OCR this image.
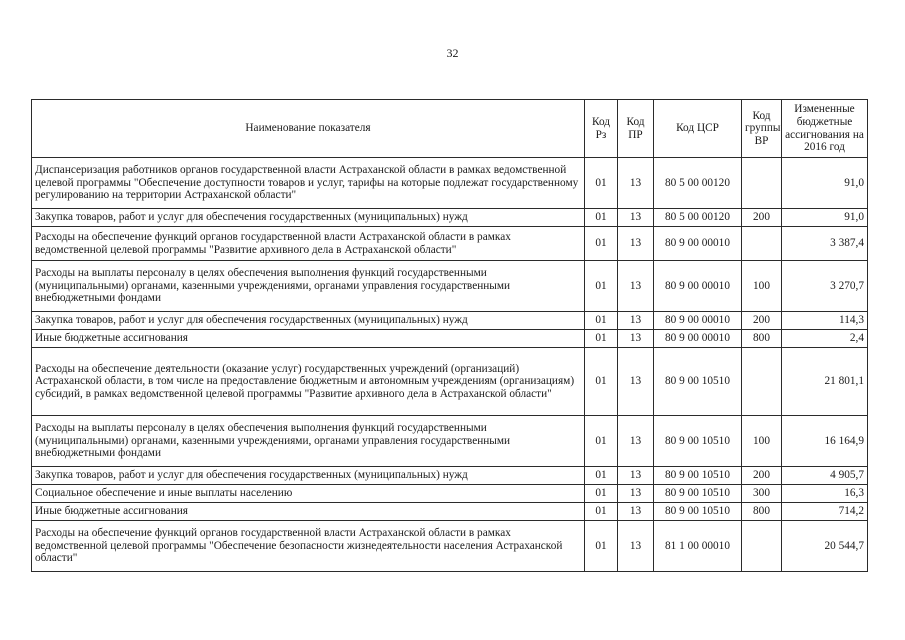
32
Наименование показателя	Код Рз	Код ПР	Код ЦСР	Код группы ВР	Измененные бюджетные ассигнования на 2016 год
Диспансеризация работников органов государственной власти Астраханской области в рамках ведомственной целевой программы "Обеспечение доступности товаров и услуг, тарифы на которые подлежат государственному регулированию на территории Астраханской области"	01	13	80 5 00 00120		91,0
Закупка товаров, работ и услуг для обеспечения государственных (муниципальных) нужд	01	13	80 5 00 00120	200	91,0
Расходы на обеспечение функций органов государственной власти Астраханской области в рамках ведомственной целевой программы "Развитие архивного дела в Астраханской области"	01	13	80 9 00 00010		3 387,4
Расходы на выплаты персоналу в целях обеспечения выполнения функций государственными (муниципальными) органами, казенными учреждениями, органами управления государственными внебюджетными фондами	01	13	80 9 00 00010	100	3 270,7
Закупка товаров, работ и услуг для обеспечения государственных (муниципальных) нужд	01	13	80 9 00 00010	200	114,3
Иные бюджетные ассигнования	01	13	80 9 00 00010	800	2,4
Расходы на обеспечение деятельности (оказание услуг) государственных учреждений (организаций) Астраханской области, в том числе на предоставление бюджетным и автономным учреждениям (организациям) субсидий, в рамках ведомственной целевой программы "Развитие архивного дела в Астраханской области"	01	13	80 9 00 10510		21 801,1
Расходы на выплаты персоналу в целях обеспечения выполнения функций государственными (муниципальными) органами, казенными учреждениями, органами управления государственными внебюджетными фондами	01	13	80 9 00 10510	100	16 164,9
Закупка товаров, работ и услуг для обеспечения государственных (муниципальных) нужд	01	13	80 9 00 10510	200	4 905,7
Социальное обеспечение и иные выплаты населению	01	13	80 9 00 10510	300	16,3
Иные бюджетные ассигнования	01	13	80 9 00 10510	800	714,2
Расходы на обеспечение функций органов государственной власти Астраханской области в рамках ведомственной целевой программы "Обеспечение безопасности жизнедеятельности населения Астраханской области"	01	13	81 1 00 00010		20 544,7
